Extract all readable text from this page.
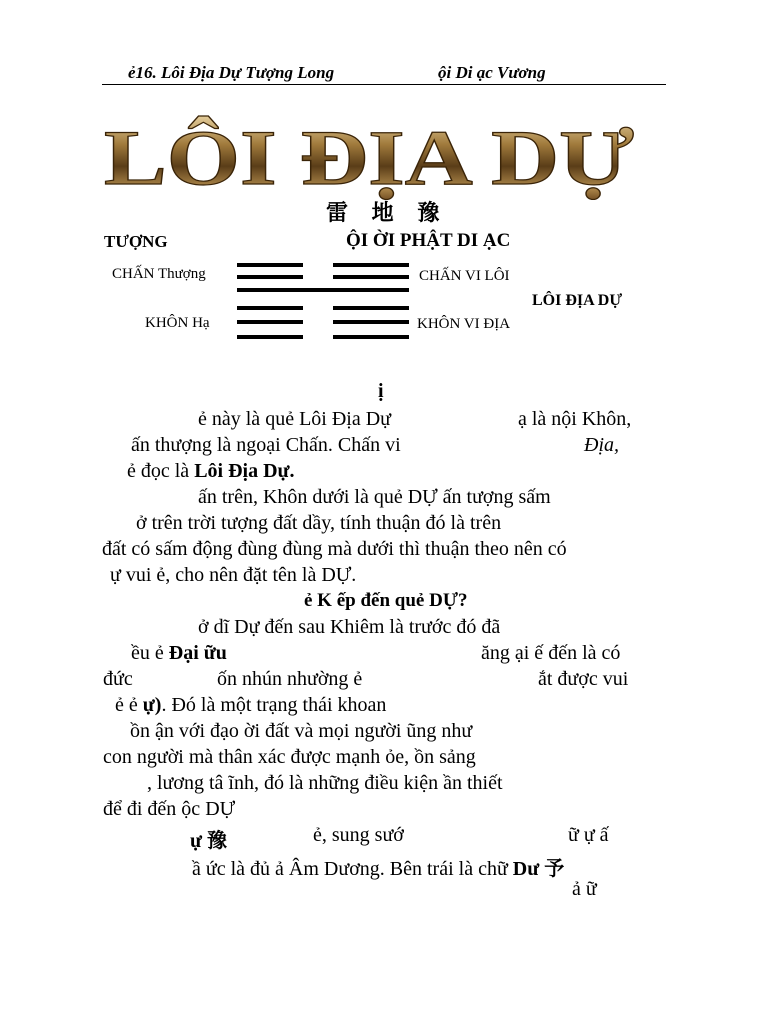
ẻ16. Lôi Địa Dự Tượng Long	ội Di ạc Vương
LÔI ĐỊA DỰ
雷 地 豫
TƯỢNG	ỘI ỜI PHẬT DI ẠC
CHẤN Thượng
KHÔN Hạ
CHẤN VI LÔI
LÔI ĐỊA DỰ
KHÔN VI ĐỊA
ị
ẻ này là quẻ Lôi Địa Dự	ạ là nội Khôn,
ấn thượng là ngoại Chấn. Chấn vi	Địa,
ẻ đọc là Lôi Địa Dự.
ấn trên, Khôn dưới là quẻ DỰ ấn tượng sấm
ở trên trời tượng đất dầy, tính thuận đó là trên
đất có sấm động đùng đùng mà dưới thì thuận theo nên có
ự vui ẻ, cho nên đặt tên là DỰ.
ẻ K ếp đến quẻ DỰ?
ở dĩ Dự đến sau Khiêm là trước đó đã
ều ẻ Đại ữu	ăng ại ế đến là có
đức	ốn nhún nhường ẻ	ắt được vui
ẻ ẻ ự). Đó là một trạng thái khoan
ồn ận với đạo ời đất và mọi người ũng như
con người mà thân xác được mạnh ỏe, ồn sảng
, lương tâ ĩnh, đó là những điều kiện ần thiết
để đi đến ộc DỰ
ự 豫	ẻ, sung sướ	ữ ự ấ
ầ ức là đủ ả Âm Dương. Bên trái là chữ Dư 予
ả ữ
